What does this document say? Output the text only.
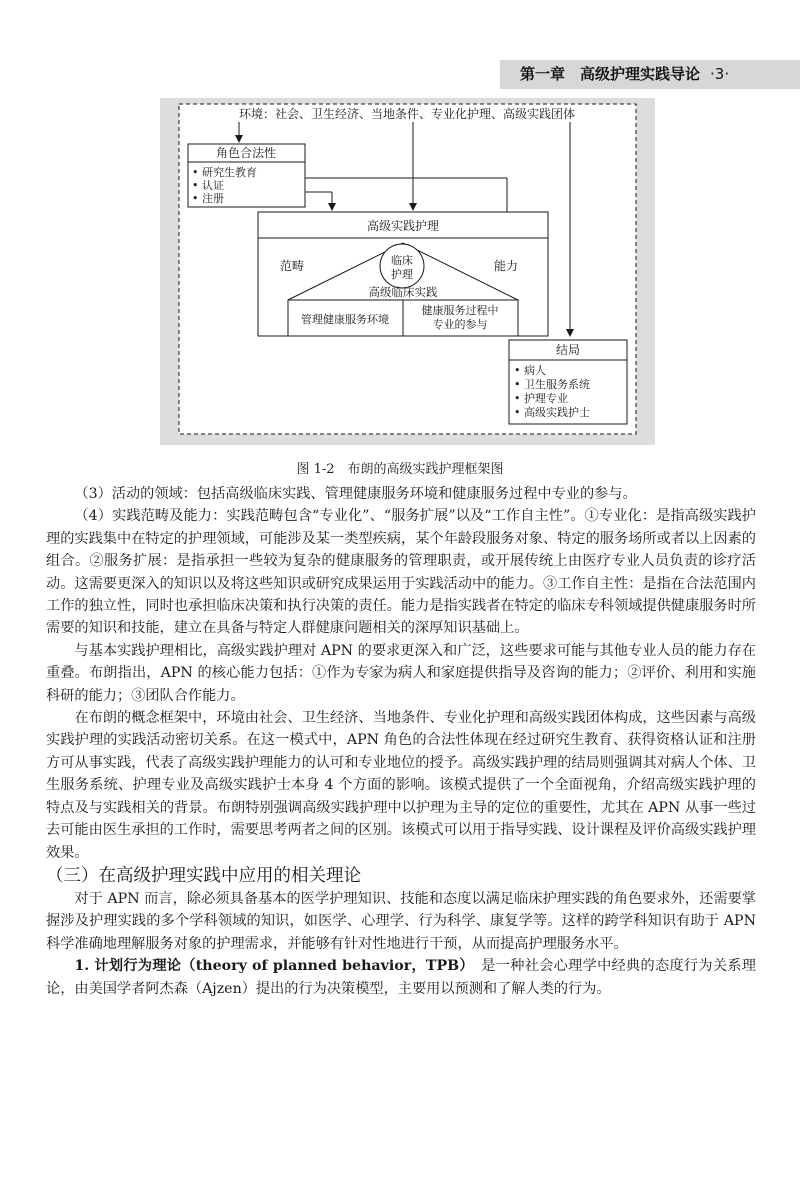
第一章　高级护理实践导论 ·3·
环境：社会、卫生经济、当地条件、专业化护理、高级实践团体
角色合法性
• 研究生教育
• 认证
• 注册
高级实践护理
范畴	能力
临床
护理
高级临床实践
管理健康服务环境
健康服务过程中
专业的参与
结局
• 病人
• 卫生服务系统
• 护理专业
• 高级实践护士
图 1-2　布朗的高级实践护理框架图

（3）活动的领域：包括高级临床实践、管理健康服务环境和健康服务过程中专业的参与。

（4）实践范畴及能力：实践范畴包含“专业化”、“服务扩展”以及“工作自主性”。①专业化：是指高级实践护理的实践集中在特定的护理领域，可能涉及某一类型疾病，某个年龄段服务对象、特定的服务场所或者以上因素的组合。②服务扩展：是指承担一些较为复杂的健康服务的管理职责，或开展传统上由医疗专业人员负责的诊疗活动。这需要更深入的知识以及将这些知识或研究成果运用于实践活动中的能力。③工作自主性：是指在合法范围内工作的独立性，同时也承担临床决策和执行决策的责任。能力是指实践者在特定的临床专科领域提供健康服务时所需要的知识和技能，建立在具备与特定人群健康问题相关的深厚知识基础上。

与基本实践护理相比，高级实践护理对 APN 的要求更深入和广泛，这些要求可能与其他专业人员的能力存在重叠。布朗指出，APN 的核心能力包括：①作为专家为病人和家庭提供指导及咨询的能力；②评价、利用和实施科研的能力；③团队合作能力。

在布朗的概念框架中，环境由社会、卫生经济、当地条件、专业化护理和高级实践团体构成，这些因素与高级实践护理的实践活动密切关系。在这一模式中，APN 角色的合法性体现在经过研究生教育、获得资格认证和注册方可从事实践，代表了高级实践护理能力的认可和专业地位的授予。高级实践护理的结局则强调其对病人个体、卫生服务系统、护理专业及高级实践护士本身 4 个方面的影响。该模式提供了一个全面视角，介绍高级实践护理的特点及与实践相关的背景。布朗特别强调高级实践护理中以护理为主导的定位的重要性，尤其在 APN 从事一些过去可能由医生承担的工作时，需要思考两者之间的区别。该模式可以用于指导实践、设计课程及评价高级实践护理效果。

（三）在高级护理实践中应用的相关理论

对于 APN 而言，除必须具备基本的医学护理知识、技能和态度以满足临床护理实践的角色要求外，还需要掌握涉及护理实践的多个学科领域的知识，如医学、心理学、行为科学、康复学等。这样的跨学科知识有助于 APN 科学准确地理解服务对象的护理需求，并能够有针对性地进行干预，从而提高护理服务水平。

1. 计划行为理论（theory of planned behavior，TPB）　是一种社会心理学中经典的态度行为关系理论，由美国学者阿杰森（Ajzen）提出的行为决策模型，主要用以预测和了解人类的行为。
